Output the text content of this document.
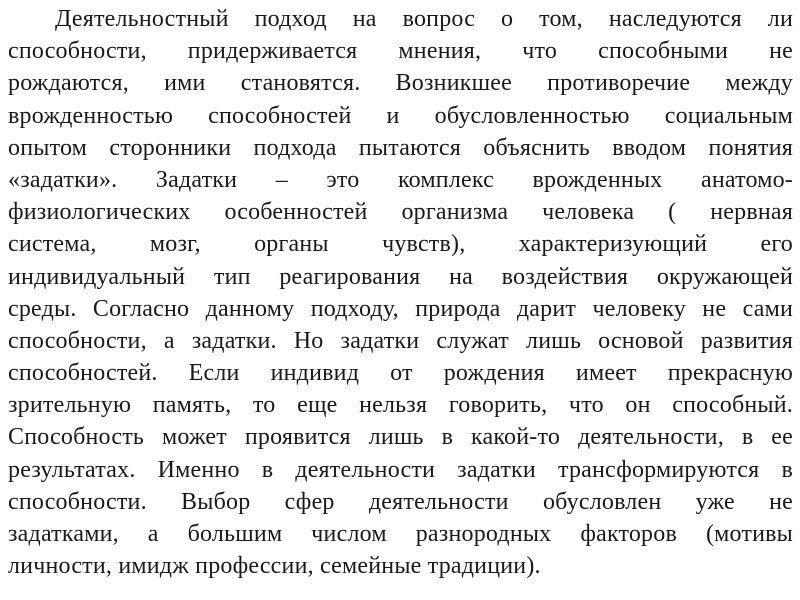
Деятельностный подход на вопрос о том, наследуются ли
способности, придерживается мнения, что способными не
рождаются, ими становятся. Возникшее противоречие между
врожденностью способностей и обусловленностью социальным
опытом сторонники подхода пытаются объяснить вводом понятия
«задатки». Задатки – это комплекс врожденных анатомо-
физиологических особенностей организма человека ( нервная
система, мозг, органы чувств), характеризующий его
индивидуальный тип реагирования на воздействия окружающей
среды. Согласно данному подходу, природа дарит человеку не сами
способности, а задатки. Но задатки служат лишь основой развития
способностей. Если индивид от рождения имеет прекрасную
зрительную память, то еще нельзя говорить, что он способный.
Способность может проявится лишь в какой-то деятельности, в ее
результатах. Именно в деятельности задатки трансформируются в
способности. Выбор сфер деятельности обусловлен уже не
задатками, а большим числом разнородных факторов (мотивы
личности, имидж профессии, семейные традиции).
